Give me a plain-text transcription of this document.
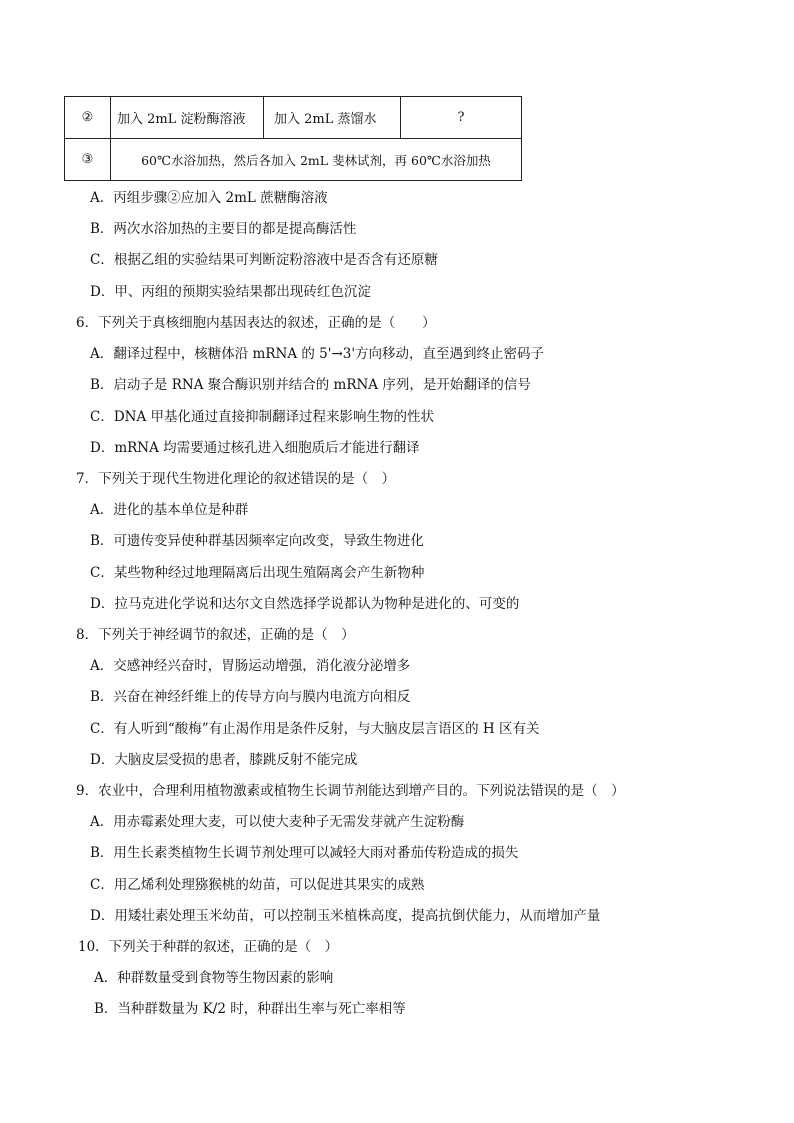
②	加入 2mL 淀粉酶溶液	加入 2mL 蒸馏水	?
③	60℃水浴加热，然后各加入 2mL 斐林试剂，再 60℃水浴加热		
A．丙组步骤②应加入 2mL 蔗糖酶溶液
B．两次水浴加热的主要目的都是提高酶活性
C．根据乙组的实验结果可判断淀粉溶液中是否含有还原糖
D．甲、丙组的预期实验结果都出现砖红色沉淀
6．下列关于真核细胞内基因表达的叙述，正确的是（　　）
A．翻译过程中，核糖体沿 mRNA 的 5'→3'方向移动，直至遇到终止密码子
B．启动子是 RNA 聚合酶识别并结合的 mRNA 序列，是开始翻译的信号
C．DNA 甲基化通过直接抑制翻译过程来影响生物的性状
D．mRNA 均需要通过核孔进入细胞质后才能进行翻译
7．下列关于现代生物进化理论的叙述错误的是（　）
A．进化的基本单位是种群
B．可遗传变异使种群基因频率定向改变，导致生物进化
C．某些物种经过地理隔离后出现生殖隔离会产生新物种
D．拉马克进化学说和达尔文自然选择学说都认为物种是进化的、可变的
8．下列关于神经调节的叙述，正确的是（　）
A．交感神经兴奋时，胃肠运动增强，消化液分泌增多
B．兴奋在神经纤维上的传导方向与膜内电流方向相反
C．有人听到“酸梅”有止渴作用是条件反射，与大脑皮层言语区的 H 区有关
D．大脑皮层受损的患者，膝跳反射不能完成
9．农业中，合理利用植物激素或植物生长调节剂能达到增产目的。下列说法错误的是（　）
A．用赤霉素处理大麦，可以使大麦种子无需发芽就产生淀粉酶
B．用生长素类植物生长调节剂处理可以减轻大雨对番茄传粉造成的损失
C．用乙烯利处理猕猴桃的幼苗，可以促进其果实的成熟
D．用矮壮素处理玉米幼苗，可以控制玉米植株高度，提高抗倒伏能力，从而增加产量
10．下列关于种群的叙述，正确的是（　）
A．种群数量受到食物等生物因素的影响
B．当种群数量为 K/2 时，种群出生率与死亡率相等
